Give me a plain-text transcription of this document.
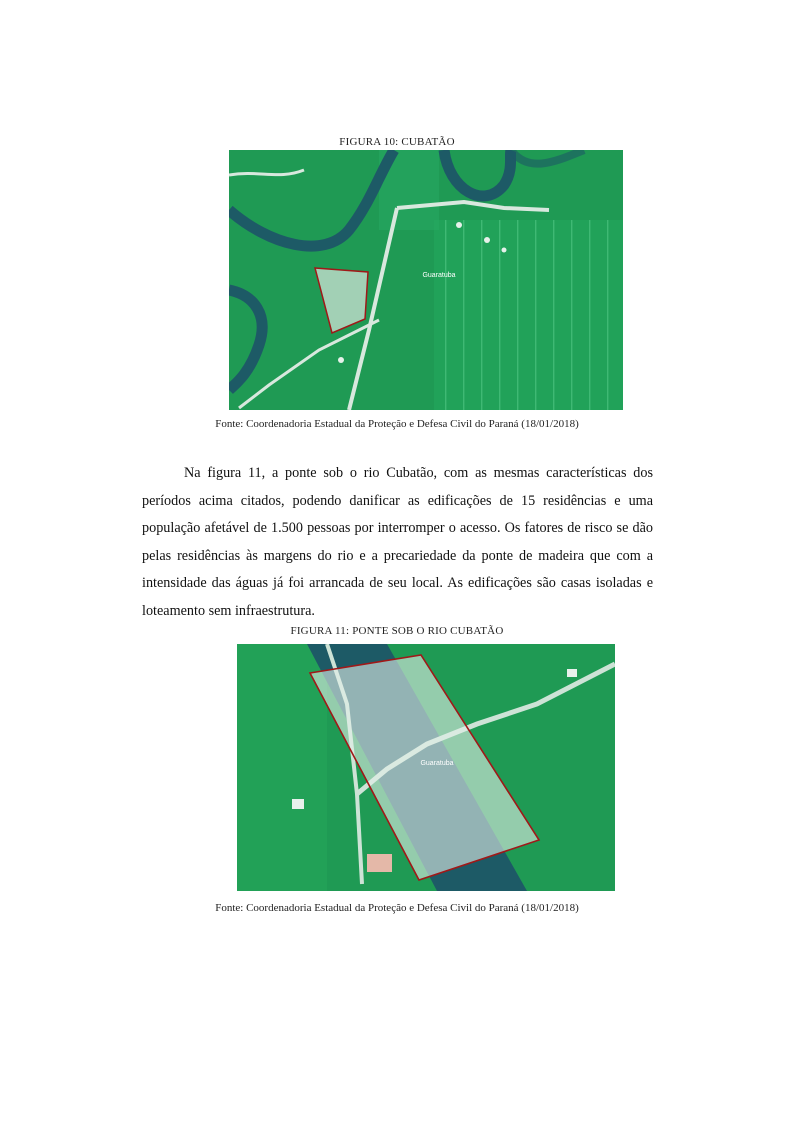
FIGURA 10: CUBATÃO
Guaratuba
Fonte: Coordenadoria Estadual da Proteção e Defesa Civil do Paraná (18/01/2018)

Na figura 11, a ponte sob o rio Cubatão, com as mesmas características dos períodos acima citados, podendo danificar as edificações de 15 residências e uma população afetável de 1.500 pessoas por interromper o acesso. Os fatores de risco se dão pelas residências às margens do rio e a precariedade da ponte de madeira que com a intensidade das águas já foi arrancada de seu local. As edificações são casas isoladas e loteamento sem infraestrutura.

FIGURA 11: PONTE SOB O RIO CUBATÃO
Guaratuba
Fonte: Coordenadoria Estadual da Proteção e Defesa Civil do Paraná (18/01/2018)
